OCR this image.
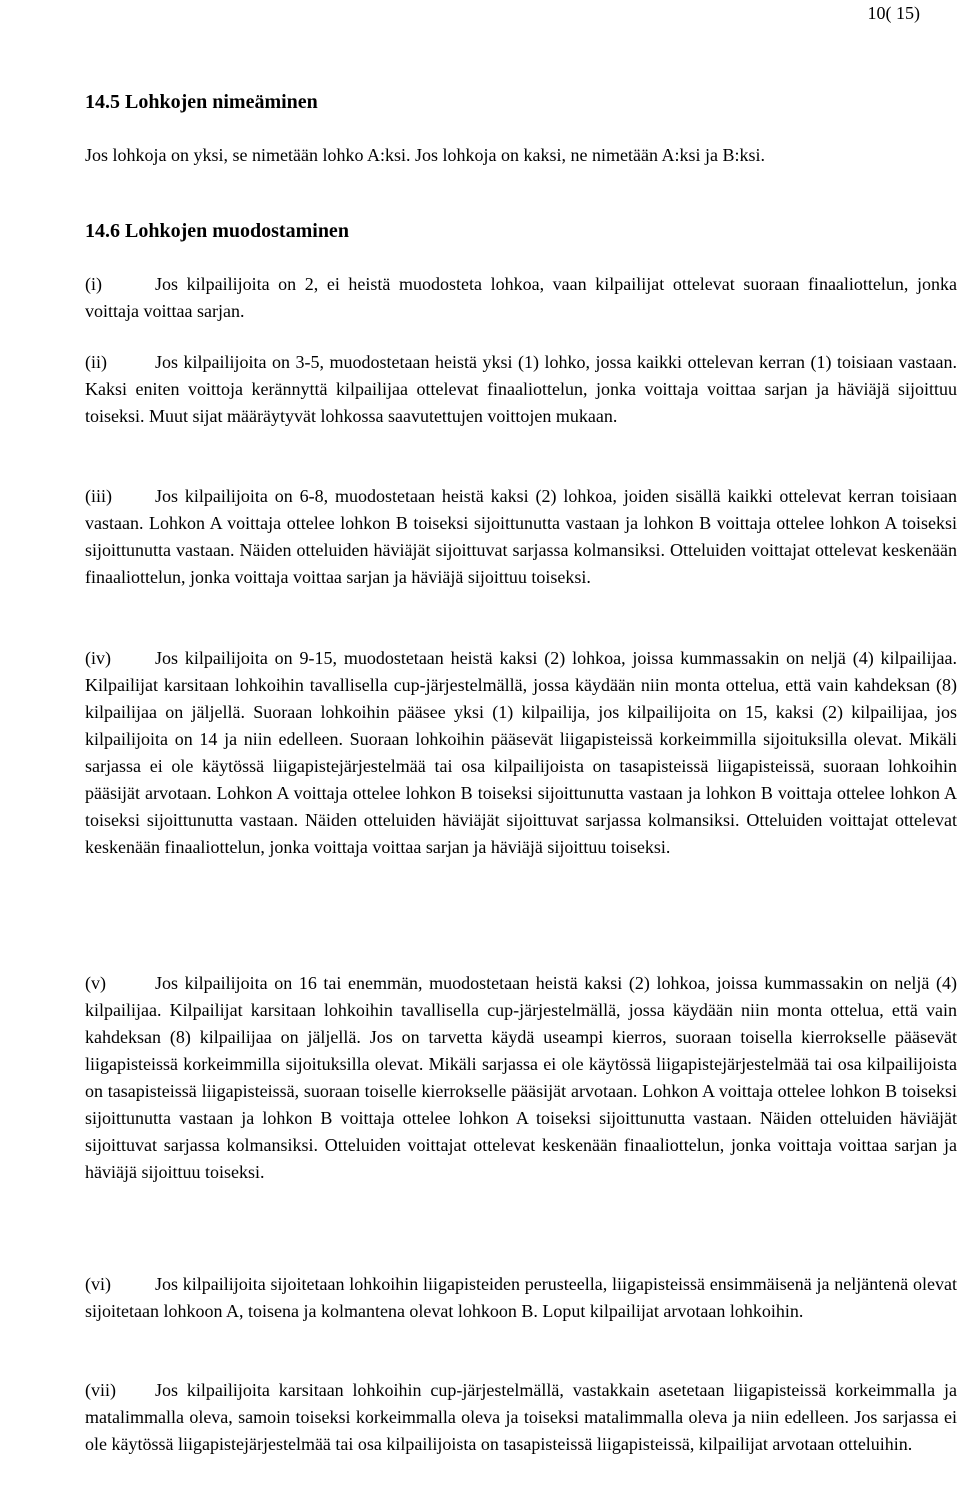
10( 15)
14.5 Lohkojen nimeäminen

Jos lohkoja on yksi, se nimetään lohko A:ksi. Jos lohkoja on kaksi, ne nimetään A:ksi ja B:ksi.

14.6 Lohkojen muodostaminen

(i)	Jos kilpailijoita on 2, ei heistä muodosteta lohkoa, vaan kilpailijat ottelevat suoraan finaaliottelun, jonka voittaja voittaa sarjan.

(ii)	Jos kilpailijoita on 3-5, muodostetaan heistä yksi (1) lohko, jossa kaikki ottelevan kerran (1) toisiaan vastaan. Kaksi eniten voittoja kerännyttä kilpailijaa ottelevat finaaliottelun, jonka voittaja voittaa sarjan ja häviäjä sijoittuu toiseksi. Muut sijat määräytyvät lohkossa saavutettujen voittojen mukaan.

(iii) Jos kilpailijoita on 6-8, muodostetaan heistä kaksi (2) lohkoa, joiden sisällä kaikki ottelevat kerran toisiaan vastaan. Lohkon A voittaja ottelee lohkon B toiseksi sijoittunutta vastaan ja lohkon B voittaja ottelee lohkon A toiseksi sijoittunutta vastaan. Näiden otteluiden häviäjät sijoittuvat sarjassa kolmansiksi. Otteluiden voittajat ottelevat keskenään finaaliottelun, jonka voittaja voittaa sarjan ja häviäjä sijoittuu toiseksi.

(iv) Jos kilpailijoita on 9-15, muodostetaan heistä kaksi (2) lohkoa, joissa kummassakin on neljä (4) kilpailijaa. Kilpailijat karsitaan lohkoihin tavallisella cup-järjestelmällä, jossa käydään niin monta ottelua, että vain kahdeksan (8) kilpailijaa on jäljellä. Suoraan lohkoihin pääsee yksi (1) kilpailija, jos kilpailijoita on 15, kaksi (2) kilpailijaa, jos kilpailijoita on 14 ja niin edelleen. Suoraan lohkoihin pääsevät liigapisteissä korkeimmilla sijoituksilla olevat. Mikäli sarjassa ei ole käytössä liigapistejärjestelmää tai osa kilpailijoista on tasapisteissä liigapisteissä, suoraan lohkoihin pääsijät arvotaan. Lohkon A voittaja ottelee lohkon B toiseksi sijoittunutta vastaan ja lohkon B voittaja ottelee lohkon A toiseksi sijoittunutta vastaan. Näiden otteluiden häviäjät sijoittuvat sarjassa kolmansiksi. Otteluiden voittajat ottelevat keskenään finaaliottelun, jonka voittaja voittaa sarjan ja häviäjä sijoittuu toiseksi.

(v)	Jos kilpailijoita on 16 tai enemmän, muodostetaan heistä kaksi (2) lohkoa, joissa kummassakin on neljä (4) kilpailijaa. Kilpailijat karsitaan lohkoihin tavallisella cup-järjestelmällä, jossa käydään niin monta ottelua, että vain kahdeksan (8) kilpailijaa on jäljellä. Jos on tarvetta käydä useampi kierros, suoraan toisella kierrokselle pääsevät liigapisteissä korkeimmilla sijoituksilla olevat. Mikäli sarjassa ei ole käytössä liigapistejärjestelmää tai osa kilpailijoista on tasapisteissä liigapisteissä, suoraan toiselle kierrokselle pääsijät arvotaan. Lohkon A voittaja ottelee lohkon B toiseksi sijoittunutta vastaan ja lohkon B voittaja ottelee lohkon A toiseksi sijoittunutta vastaan. Näiden otteluiden häviäjät sijoittuvat sarjassa kolmansiksi. Otteluiden voittajat ottelevat keskenään finaaliottelun, jonka voittaja voittaa sarjan ja häviäjä sijoittuu toiseksi.

(vi) Jos kilpailijoita sijoitetaan lohkoihin liigapisteiden perusteella, liigapisteissä ensimmäisenä ja neljäntenä olevat sijoitetaan lohkoon A, toisena ja kolmantena olevat lohkoon B. Loput kilpailijat arvotaan lohkoihin.

(vii) Jos kilpailijoita karsitaan lohkoihin cup-järjestelmällä, vastakkain asetetaan liigapisteissä korkeimmalla ja matalimmalla oleva, samoin toiseksi korkeimmalla oleva ja toiseksi matalimmalla oleva ja niin edelleen. Jos sarjassa ei ole käytössä liigapistejärjestelmää tai osa kilpailijoista on tasapisteissä liigapisteissä, kilpailijat arvotaan otteluihin.
